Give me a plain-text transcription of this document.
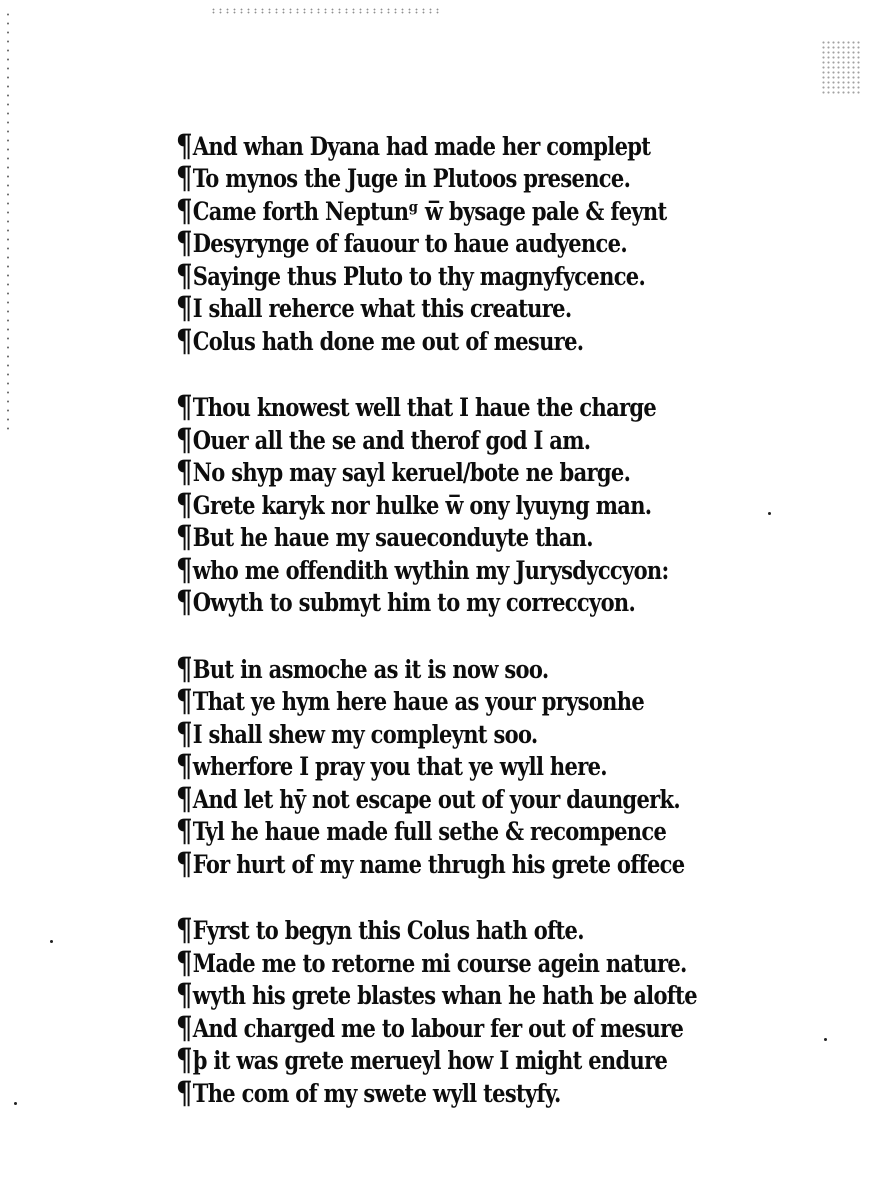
¶ And whan Dyana had made her complept
¶ To mynos the Juge in Plutoos presence.
¶ Came forth Neptunᵍ w̅ bysage pale & feynt
¶ Desyrynge of fauour to haue audyence.
¶ Sayinge thus Pluto to thy magnyfycence.
¶ I shall reherce what this creature.
¶ Colus hath done me out of mesure.
¶ Thou knowest well that I haue the charge
¶ Ouer all the se and therof god I am.
¶ No shyp may sayl keruel/bote ne barge.
¶ Grete karyk nor hulke w̅ ony lyuyng man.
¶ But he haue my saueconduyte than.
¶ who me offendith wythin my Jurysdyccyon:
¶ Owyth to submyt him to my correccyon.
¶ But in asmoche as it is now soo.
¶ That ye hym here haue as your prysonhe
¶ I shall shew my compleynt soo.
¶ wherfore I pray you that ye wyll here.
¶ And let hȳ not escape out of your daungerk.
¶ Tyl he haue made full sethe & recompence
¶ For hurt of my name thrugh his grete offece
¶ Fyrst to begyn this Colus hath ofte.
¶ Made me to retorne mi course agein nature.
¶ wyth his grete blastes whan he hath be alofte
¶ And charged me to labour fer out of mesure
¶ þ it was grete merueyl how I might endure
¶ The com of my swete wyll testyfy.
